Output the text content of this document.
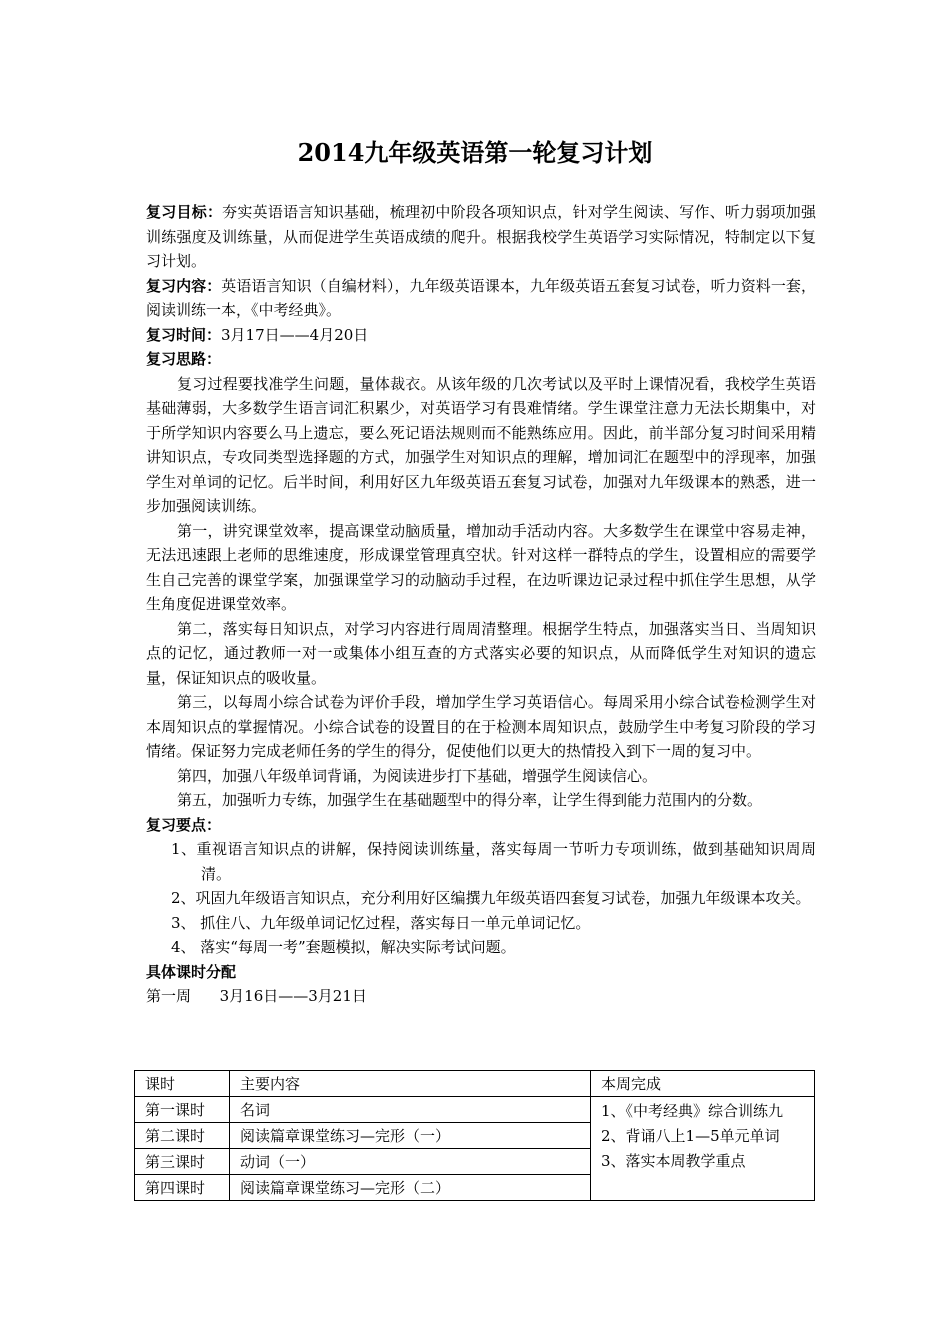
2014九年级英语第一轮复习计划

复习目标：夯实英语语言知识基础，梳理初中阶段各项知识点，针对学生阅读、写作、听力弱项加强训练强度及训练量，从而促进学生英语成绩的爬升。根据我校学生英语学习实际情况，特制定以下复习计划。

复习内容：英语语言知识（自编材料），九年级英语课本，九年级英语五套复习试卷，听力资料一套，阅读训练一本，《中考经典》。

复习时间：3月17日——4月20日

复习思路：

复习过程要找准学生问题，量体裁衣。从该年级的几次考试以及平时上课情况看，我校学生英语基础薄弱，大多数学生语言词汇积累少，对英语学习有畏难情绪。学生课堂注意力无法长期集中，对于所学知识内容要么马上遗忘，要么死记语法规则而不能熟练应用。因此，前半部分复习时间采用精讲知识点，专攻同类型选择题的方式，加强学生对知识点的理解，增加词汇在题型中的浮现率，加强学生对单词的记忆。后半时间，利用好区九年级英语五套复习试卷，加强对九年级课本的熟悉，进一步加强阅读训练。

第一，讲究课堂效率，提高课堂动脑质量，增加动手活动内容。大多数学生在课堂中容易走神，无法迅速跟上老师的思维速度，形成课堂管理真空状。针对这样一群特点的学生，设置相应的需要学生自己完善的课堂学案，加强课堂学习的动脑动手过程，在边听课边记录过程中抓住学生思想，从学生角度促进课堂效率。

第二，落实每日知识点，对学习内容进行周周清整理。根据学生特点，加强落实当日、当周知识点的记忆，通过教师一对一或集体小组互查的方式落实必要的知识点，从而降低学生对知识的遗忘量，保证知识点的吸收量。

第三，以每周小综合试卷为评价手段，增加学生学习英语信心。每周采用小综合试卷检测学生对本周知识点的掌握情况。小综合试卷的设置目的在于检测本周知识点，鼓励学生中考复习阶段的学习情绪。保证努力完成老师任务的学生的得分，促使他们以更大的热情投入到下一周的复习中。

第四，加强八年级单词背诵，为阅读进步打下基础，增强学生阅读信心。

第五，加强听力专练，加强学生在基础题型中的得分率，让学生得到能力范围内的分数。

复习要点：

1、重视语言知识点的讲解，保持阅读训练量，落实每周一节听力专项训练，做到基础知识周周清。

2、巩固九年级语言知识点，充分利用好区编撰九年级英语四套复习试卷，加强九年级课本攻关。

3、 抓住八、九年级单词记忆过程，落实每日一单元单词记忆。

4、 落实“每周一考”套题模拟，解决实际考试问题。

具体课时分配

第一周 3月16日——3月21日

课时	主要内容	本周完成
第一课时	名词	1、《中考经典》综合训练九
2、背诵八上1—5单元单词
3、落实本周教学重点

第二课时	阅读篇章课堂练习—完形（一）	
第三课时	动词（一）	
第四课时	阅读篇章课堂练习—完形（二）	
